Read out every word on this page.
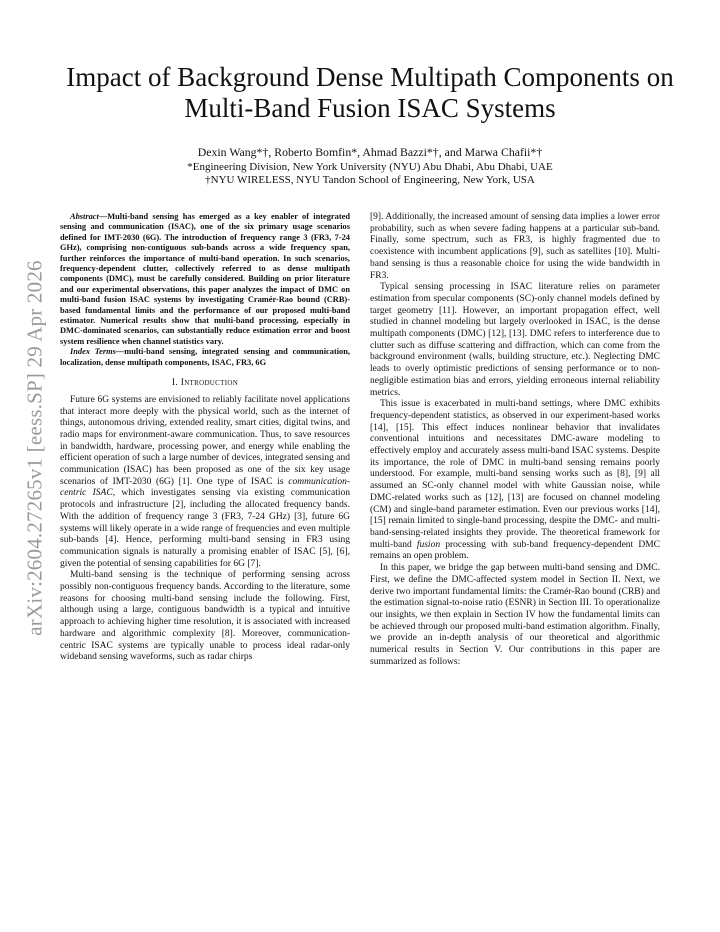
arXiv:2604.27265v1 [eess.SP] 29 Apr 2026
Impact of Background Dense Multipath Components on Multi-Band Fusion ISAC Systems
Dexin Wang*†, Roberto Bomfin*, Ahmad Bazzi*†, and Marwa Chafii*†
*Engineering Division, New York University (NYU) Abu Dhabi, Abu Dhabi, UAE
†NYU WIRELESS, NYU Tandon School of Engineering, New York, USA

Abstract—Multi-band sensing has emerged as a key enabler of integrated sensing and communication (ISAC), one of the six primary usage scenarios defined for IMT-2030 (6G). The introduction of frequency range 3 (FR3, 7-24 GHz), comprising non-contiguous sub-bands across a wide frequency span, further reinforces the importance of multi-band operation. In such scenarios, frequency-dependent clutter, collectively referred to as dense multipath components (DMC), must be carefully considered. Building on prior literature and our experimental observations, this paper analyzes the impact of DMC on multi-band fusion ISAC systems by investigating Cramér-Rao bound (CRB)-based fundamental limits and the performance of our proposed multi-band estimator. Numerical results show that multi-band processing, especially in DMC-dominated scenarios, can substantially reduce estimation error and boost system resilience when channel statistics vary.

Index Terms—multi-band sensing, integrated sensing and communication, localization, dense multipath components, ISAC, FR3, 6G

I. Introduction

Future 6G systems are envisioned to reliably facilitate novel applications that interact more deeply with the physical world, such as the internet of things, autonomous driving, extended reality, smart cities, digital twins, and radio maps for environment-aware communication. Thus, to save resources in bandwidth, hardware, processing power, and energy while enabling the efficient operation of such a large number of devices, integrated sensing and communication (ISAC) has been proposed as one of the six key usage scenarios of IMT-2030 (6G) [1]. One type of ISAC is communication-centric ISAC, which investigates sensing via existing communication protocols and infrastructure [2], including the allocated frequency bands. With the addition of frequency range 3 (FR3, 7-24 GHz) [3], future 6G systems will likely operate in a wide range of frequencies and even multiple sub-bands [4]. Hence, performing multi-band sensing in FR3 using communication signals is naturally a promising enabler of ISAC [5], [6], given the potential of sensing capabilities for 6G [7].

Multi-band sensing is the technique of performing sensing across possibly non-contiguous frequency bands. According to the literature, some reasons for choosing multi-band sensing include the following. First, although using a large, contiguous bandwidth is a typical and intuitive approach to achieving higher time resolution, it is associated with increased hardware and algorithmic complexity [8]. Moreover, communication-centric ISAC systems are typically unable to process ideal radar-only wideband sensing waveforms, such as radar chirps

[9]. Additionally, the increased amount of sensing data implies a lower error probability, such as when severe fading happens at a particular sub-band. Finally, some spectrum, such as FR3, is highly fragmented due to coexistence with incumbent applications [9], such as satellites [10]. Multi-band sensing is thus a reasonable choice for using the wide bandwidth in FR3.

Typical sensing processing in ISAC literature relies on parameter estimation from specular components (SC)-only channel models defined by target geometry [11]. However, an important propagation effect, well studied in channel modeling but largely overlooked in ISAC, is the dense multipath components (DMC) [12], [13]. DMC refers to interference due to clutter such as diffuse scattering and diffraction, which can come from the background environment (walls, building structure, etc.). Neglecting DMC leads to overly optimistic predictions of sensing performance or to non-negligible estimation bias and errors, yielding erroneous internal reliability metrics.

This issue is exacerbated in multi-band settings, where DMC exhibits frequency-dependent statistics, as observed in our experiment-based works [14], [15]. This effect induces nonlinear behavior that invalidates conventional intuitions and necessitates DMC-aware modeling to effectively employ and accurately assess multi-band ISAC systems. Despite its importance, the role of DMC in multi-band sensing remains poorly understood. For example, multi-band sensing works such as [8], [9] all assumed an SC-only channel model with white Gaussian noise, while DMC-related works such as [12], [13] are focused on channel modeling (CM) and single-band parameter estimation. Even our previous works [14], [15] remain limited to single-band processing, despite the DMC- and multi-band-sensing-related insights they provide. The theoretical framework for multi-band fusion processing with sub-band frequency-dependent DMC remains an open problem.

In this paper, we bridge the gap between multi-band sensing and DMC. First, we define the DMC-affected system model in Section II. Next, we derive two important fundamental limits: the Cramér-Rao bound (CRB) and the estimation signal-to-noise ratio (ESNR) in Section III. To operationalize our insights, we then explain in Section IV how the fundamental limits can be achieved through our proposed multi-band estimation algorithm. Finally, we provide an in-depth analysis of our theoretical and algorithmic numerical results in Section V. Our contributions in this paper are summarized as follows:
